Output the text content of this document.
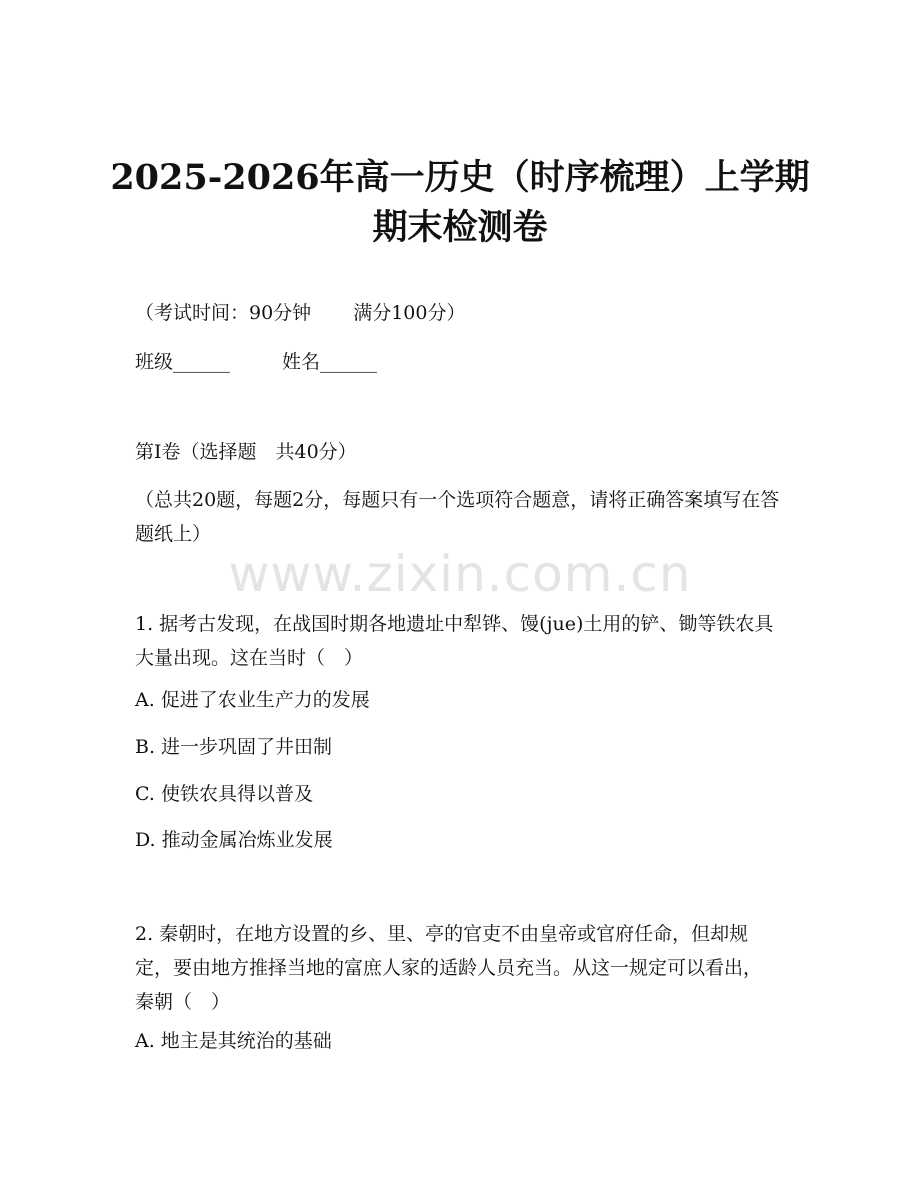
2025-2026年高一历史（时序梳理）上学期
期末检测卷
（考试时间：90分钟 满分100分）
班级______	姓名______

第Ⅰ卷（选择题　共40分）

（总共20题，每题2分，每题只有一个选项符合题意，请将正确答案填写在答题纸上）

www.zixin.com.cn

1. 据考古发现，在战国时期各地遗址中犁铧、馒(jue)土用的铲、锄等铁农具大量出现。这在当时（　）

A. 促进了农业生产力的发展

B. 进一步巩固了井田制

C. 使铁农具得以普及

D. 推动金属冶炼业发展

2. 秦朝时，在地方设置的乡、里、亭的官吏不由皇帝或官府任命，但却规定，要由地方推择当地的富庶人家的适龄人员充当。从这一规定可以看出，秦朝（　）

A. 地主是其统治的基础
